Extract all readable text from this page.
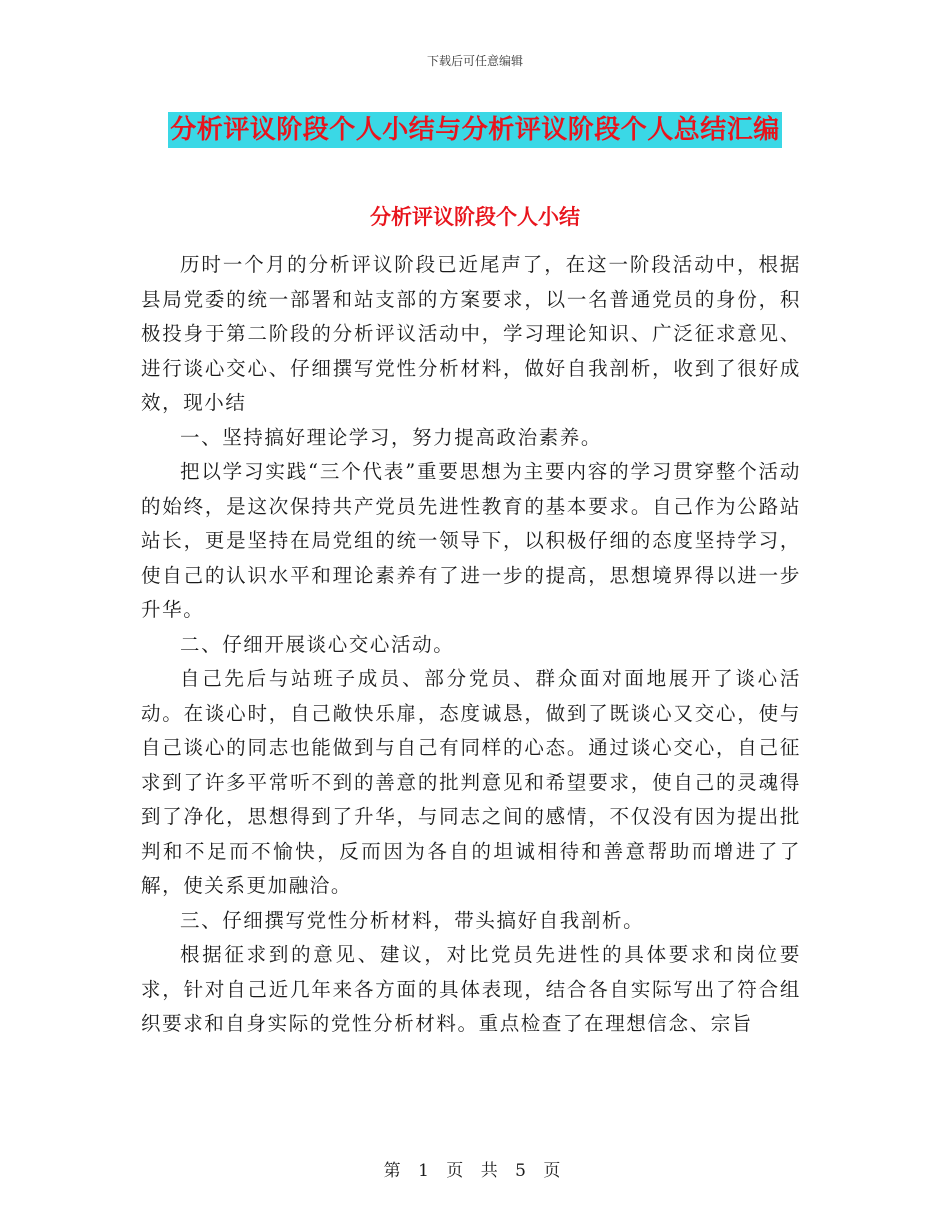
下载后可任意编辑
分析评议阶段个人小结与分析评议阶段个人总结汇编
分析评议阶段个人小结

历时一个月的分析评议阶段已近尾声了，在这一阶段活动中，根据县局党委的统一部署和站支部的方案要求，以一名普通党员的身份，积极投身于第二阶段的分析评议活动中，学习理论知识、广泛征求意见、进行谈心交心、仔细撰写党性分析材料，做好自我剖析，收到了很好成效，现小结

一、坚持搞好理论学习，努力提高政治素养。

把以学习实践“三个代表”重要思想为主要内容的学习贯穿整个活动的始终，是这次保持共产党员先进性教育的基本要求。自己作为公路站站长，更是坚持在局党组的统一领导下，以积极仔细的态度坚持学习，使自己的认识水平和理论素养有了进一步的提高，思想境界得以进一步升华。

二、仔细开展谈心交心活动。

自己先后与站班子成员、部分党员、群众面对面地展开了谈心活动。在谈心时，自己敞快乐扉，态度诚恳，做到了既谈心又交心，使与自己谈心的同志也能做到与自己有同样的心态。通过谈心交心，自己征求到了许多平常听不到的善意的批判意见和希望要求，使自己的灵魂得到了净化，思想得到了升华，与同志之间的感情，不仅没有因为提出批判和不足而不愉快，反而因为各自的坦诚相待和善意帮助而增进了了解，使关系更加融洽。

三、仔细撰写党性分析材料，带头搞好自我剖析。

根据征求到的意见、建议，对比党员先进性的具体要求和岗位要求，针对自己近几年来各方面的具体表现，结合各自实际写出了符合组织要求和自身实际的党性分析材料。重点检查了在理想信念、宗旨

第 1 页 共 5 页
